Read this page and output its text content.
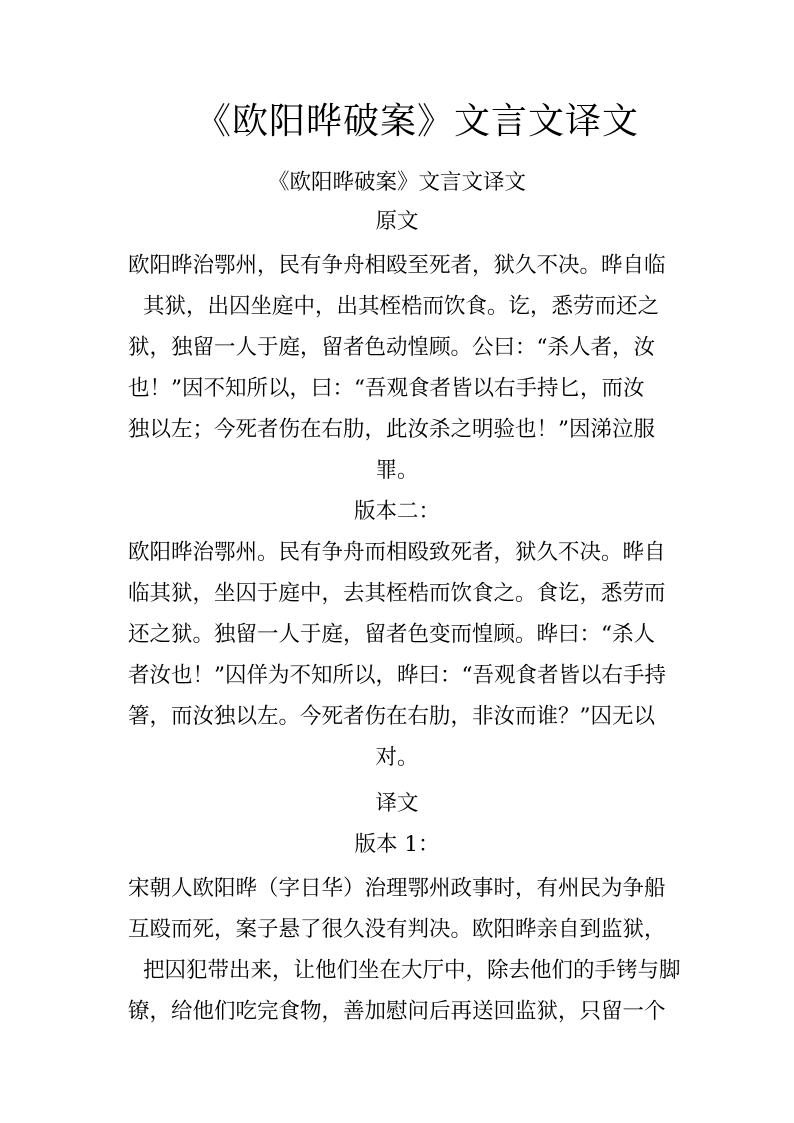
《欧阳晔破案》文言文译文
《欧阳晔破案》文言文译文
原文
欧阳晔治鄂州，民有争舟相殴至死者，狱久不决。晔自临
其狱，出囚坐庭中，出其桎梏而饮食。讫，悉劳而还之
狱，独留一人于庭，留者色动惶顾。公曰：“杀人者，汝
也！”因不知所以，曰：“吾观食者皆以右手持匕，而汝
独以左；今死者伤在右肋，此汝杀之明验也！”因涕泣服
罪。
版本二：
欧阳晔治鄂州。民有争舟而相殴致死者，狱久不决。晔自
临其狱，坐囚于庭中，去其桎梏而饮食之。食讫，悉劳而
还之狱。独留一人于庭，留者色变而惶顾。晔曰：“杀人
者汝也！”囚佯为不知所以，晔曰：“吾观食者皆以右手持
箸，而汝独以左。今死者伤在右肋，非汝而谁？”囚无以
对。
译文
版本 1：
宋朝人欧阳晔（字日华）治理鄂州政事时，有州民为争船
互殴而死，案子悬了很久没有判决。欧阳晔亲自到监狱，
把囚犯带出来，让他们坐在大厅中，除去他们的手铐与脚
镣，给他们吃完食物，善加慰问后再送回监狱，只留一个
